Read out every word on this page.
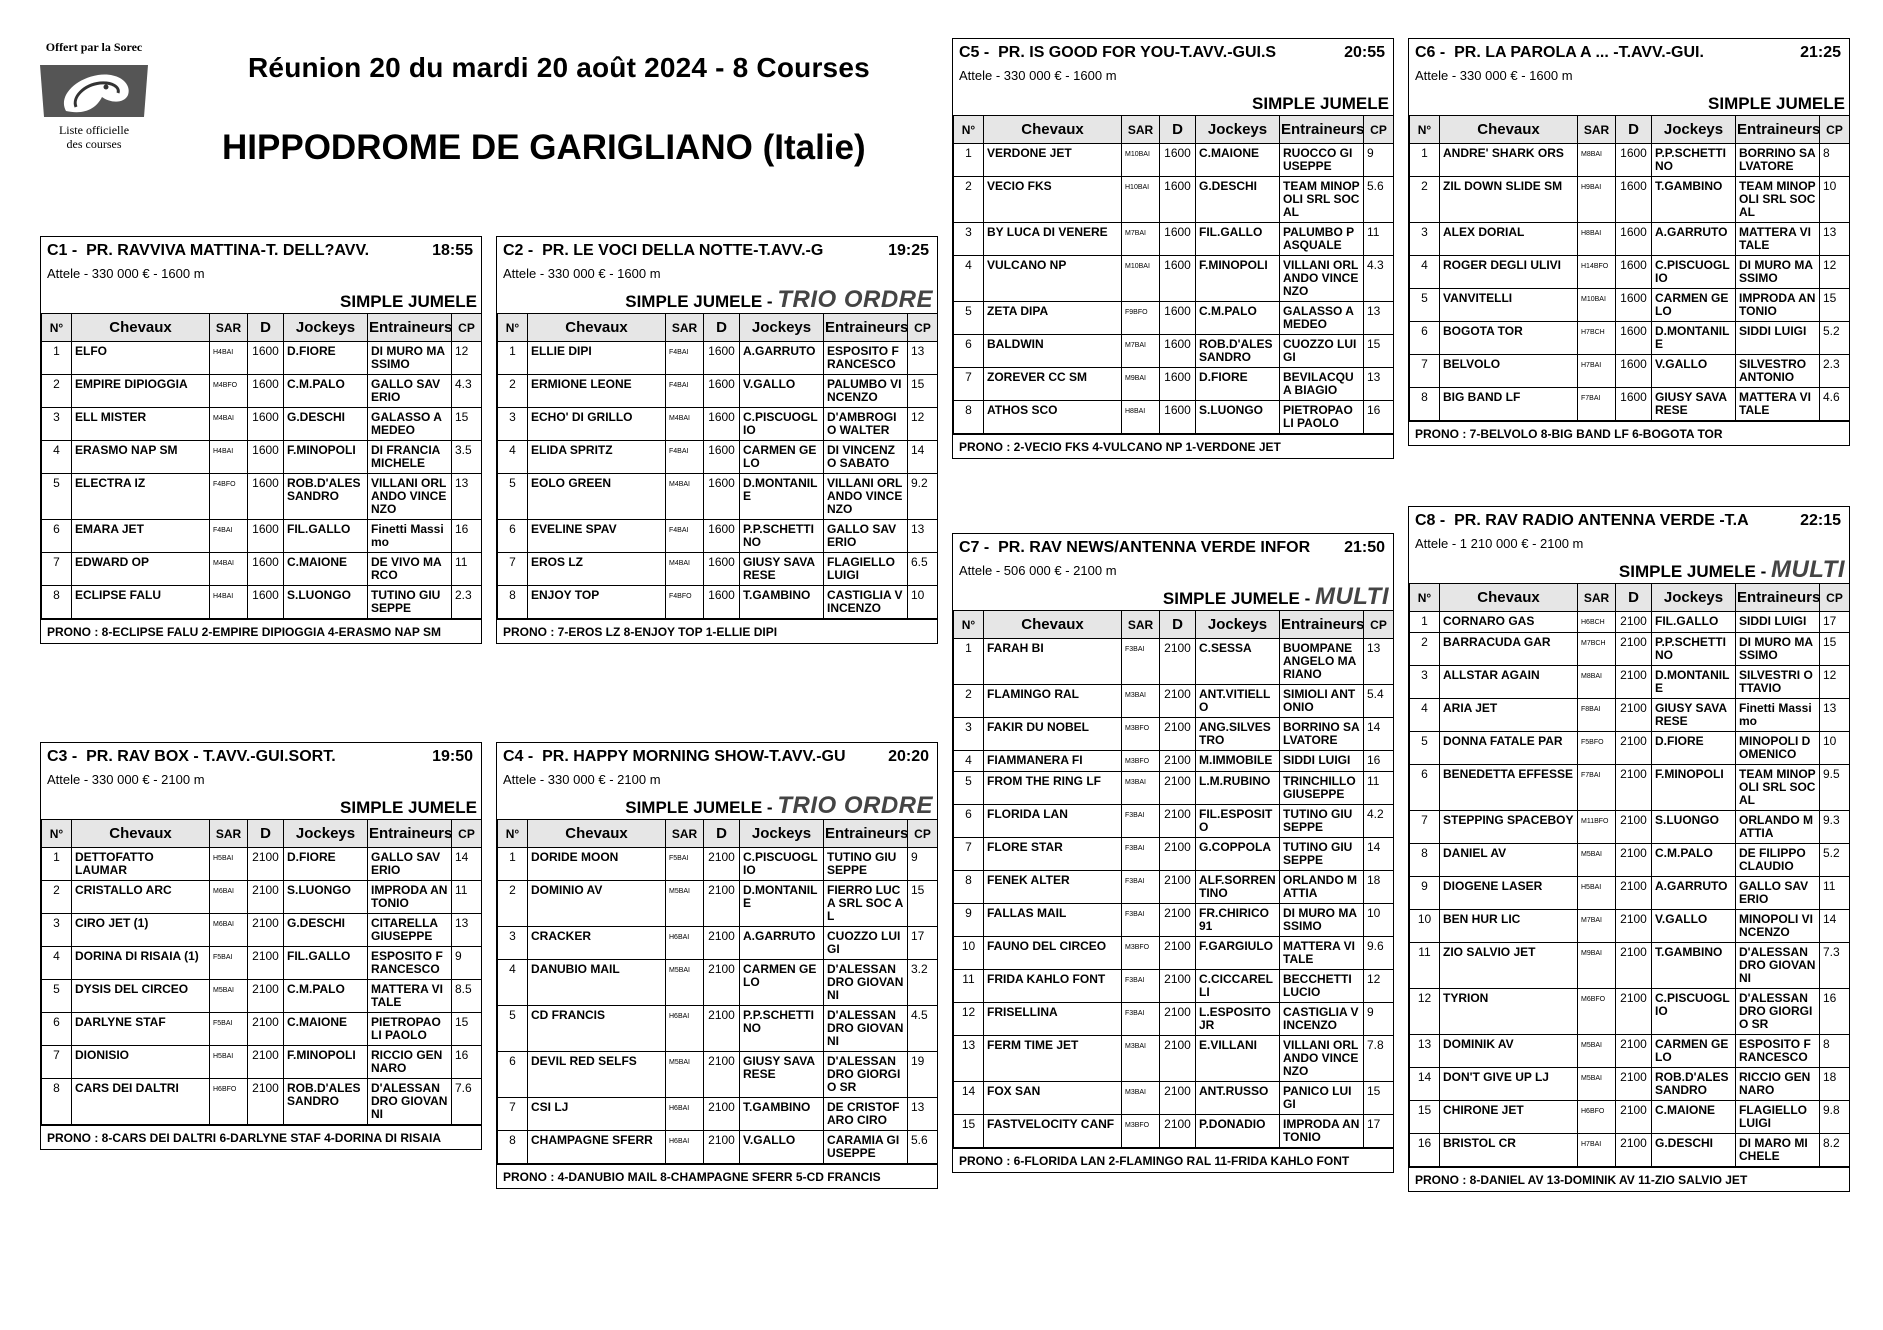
Offert par la Sorec
Liste officielle
des courses
Réunion 20 du mardi 20 août 2024 - 8 Courses
HIPPODROME DE GARIGLIANO (Italie)
C1 - PR. RAVVIVA MATTINA-T. DELL?AVV.	18:55
Attele - 330 000 € - 1600 m
SIMPLE JUMELE
N°	Chevaux	SAR	D	Jockeys	Entraineurs	CP
1	ELFO	H4BAI	1600	D.FIORE	DI MURO MASSIMO	12
2	EMPIRE DIPIOGGIA	M4BFO	1600	C.M.PALO	GALLO SAVERIO	4.3
3	ELL MISTER	M4BAI	1600	G.DESCHI	GALASSO AMEDEO	15
4	ERASMO NAP SM	H4BAI	1600	F.MINOPOLI	DI FRANCIA MICHELE	3.5
5	ELECTRA IZ	F4BFO	1600	ROB.D'ALESSANDRO	VILLANI ORLANDO VINCENZO	13
6	EMARA JET	F4BAI	1600	FIL.GALLO	Finetti Massimo	16
7	EDWARD OP	M4BAI	1600	C.MAIONE	DE VIVO MARCO	11
8	ECLIPSE FALU	H4BAI	1600	S.LUONGO	TUTINO GIUSEPPE	2.3
PRONO : 8-ECLIPSE FALU 2-EMPIRE DIPIOGGIA 4-ERASMO NAP SM
C2 - PR. LE VOCI DELLA NOTTE-T.AVV.-G	19:25
Attele - 330 000 € - 1600 m
SIMPLE JUMELE - TRIO ORDRE
N°	Chevaux	SAR	D	Jockeys	Entraineurs	CP
1	ELLIE DIPI	F4BAI	1600	A.GARRUTO	ESPOSITO FRANCESCO	13
2	ERMIONE LEONE	F4BAI	1600	V.GALLO	PALUMBO VINCENZO	15
3	ECHO' DI GRILLO	M4BAI	1600	C.PISCUOGLIO	D'AMBROGIO WALTER	12
4	ELIDA SPRITZ	F4BAI	1600	CARMEN GELO	DI VINCENZO SABATO	14
5	EOLO GREEN	M4BAI	1600	D.MONTANILE	VILLANI ORLANDO VINCENZO	9.2
6	EVELINE SPAV	F4BAI	1600	P.P.SCHETTINO	GALLO SAVERIO	13
7	EROS LZ	M4BAI	1600	GIUSY SAVARESE	FLAGIELLO LUIGI	6.5
8	ENJOY TOP	F4BFO	1600	T.GAMBINO	CASTIGLIA VINCENZO	10
PRONO : 7-EROS LZ 8-ENJOY TOP 1-ELLIE DIPI
C3 - PR. RAV BOX - T.AVV.-GUI.SORT.	19:50
Attele - 330 000 € - 2100 m
SIMPLE JUMELE
N°	Chevaux	SAR	D	Jockeys	Entraineurs	CP
1	DETTOFATTO LAUMAR	H5BAI	2100	D.FIORE	GALLO SAVERIO	14
2	CRISTALLO ARC	M6BAI	2100	S.LUONGO	IMPRODA ANTONIO	11
3	CIRO JET (1)	M6BAI	2100	G.DESCHI	CITARELLA GIUSEPPE	13
4	DORINA DI RISAIA (1)	F5BAI	2100	FIL.GALLO	ESPOSITO FRANCESCO	9
5	DYSIS DEL CIRCEO	M5BAI	2100	C.M.PALO	MATTERA VITALE	8.5
6	DARLYNE STAF	F5BAI	2100	C.MAIONE	PIETROPAOLI PAOLO	15
7	DIONISIO	H5BAI	2100	F.MINOPOLI	RICCIO GENNARO	16
8	CARS DEI DALTRI	H6BFO	2100	ROB.D'ALESSANDRO	D'ALESSANDRO GIOVANNI	7.6
PRONO : 8-CARS DEI DALTRI 6-DARLYNE STAF 4-DORINA DI RISAIA
C4 - PR. HAPPY MORNING SHOW-T.AVV.-GU	20:20
Attele - 330 000 € - 2100 m
SIMPLE JUMELE - TRIO ORDRE
N°	Chevaux	SAR	D	Jockeys	Entraineurs	CP
1	DORIDE MOON	F5BAI	2100	C.PISCUOGLIO	TUTINO GIUSEPPE	9
2	DOMINIO AV	M5BAI	2100	D.MONTANILE	FIERRO LUCA SRL SOC AL	15
3	CRACKER	H6BAI	2100	A.GARRUTO	CUOZZO LUIGI	17
4	DANUBIO MAIL	M5BAI	2100	CARMEN GELO	D'ALESSANDRO GIOVANNI	3.2
5	CD FRANCIS	H6BAI	2100	P.P.SCHETTINO	D'ALESSANDRO GIOVANNI	4.5
6	DEVIL RED SELFS	M5BAI	2100	GIUSY SAVARESE	D'ALESSANDRO GIORGIO SR	19
7	CSI LJ	H6BAI	2100	T.GAMBINO	DE CRISTOFARO CIRO	13
8	CHAMPAGNE SFERR	H6BAI	2100	V.GALLO	CARAMIA GIUSEPPE	5.6
PRONO : 4-DANUBIO MAIL 8-CHAMPAGNE SFERR 5-CD FRANCIS
C5 - PR. IS GOOD FOR YOU-T.AVV.-GUI.S	20:55
Attele - 330 000 € - 1600 m
SIMPLE JUMELE
N°	Chevaux	SAR	D	Jockeys	Entraineurs	CP
1	VERDONE JET	M10BAI	1600	C.MAIONE	RUOCCO GIUSEPPE	9
2	VECIO FKS	H10BAI	1600	G.DESCHI	TEAM MINOPOLI SRL SOC AL	5.6
3	BY LUCA DI VENERE	M7BAI	1600	FIL.GALLO	PALUMBO PASQUALE	11
4	VULCANO NP	M10BAI	1600	F.MINOPOLI	VILLANI ORLANDO VINCENZO	4.3
5	ZETA DIPA	F9BFO	1600	C.M.PALO	GALASSO AMEDEO	13
6	BALDWIN	M7BAI	1600	ROB.D'ALESSANDRO	CUOZZO LUIGI	15
7	ZOREVER CC SM	M9BAI	1600	D.FIORE	BEVILACQUA BIAGIO	13
8	ATHOS SCO	H8BAI	1600	S.LUONGO	PIETROPAOLI PAOLO	16
PRONO : 2-VECIO FKS 4-VULCANO NP 1-VERDONE JET
C6 - PR. LA PAROLA A ... -T.AVV.-GUI.	21:25
Attele - 330 000 € - 1600 m
SIMPLE JUMELE
N°	Chevaux	SAR	D	Jockeys	Entraineurs	CP
1	ANDRE' SHARK ORS	M8BAI	1600	P.P.SCHETTINO	BORRINO SALVATORE	8
2	ZIL DOWN SLIDE SM	H9BAI	1600	T.GAMBINO	TEAM MINOPOLI SRL SOC AL	10
3	ALEX DORIAL	H8BAI	1600	A.GARRUTO	MATTERA VITALE	13
4	ROGER DEGLI ULIVI	H14BFO	1600	C.PISCUOGLIO	DI MURO MASSIMO	12
5	VANVITELLI	M10BAI	1600	CARMEN GELO	IMPRODA ANTONIO	15
6	BOGOTA TOR	H7BCH	1600	D.MONTANILE	SIDDI LUIGI	5.2
7	BELVOLO	H7BAI	1600	V.GALLO	SILVESTRO ANTONIO	2.3
8	BIG BAND LF	F7BAI	1600	GIUSY SAVARESE	MATTERA VITALE	4.6
PRONO : 7-BELVOLO 8-BIG BAND LF 6-BOGOTA TOR
C7 - PR. RAV NEWS/ANTENNA VERDE INFOR	21:50
Attele - 506 000 € - 2100 m
SIMPLE JUMELE - MULTI
N°	Chevaux	SAR	D	Jockeys	Entraineurs	CP
1	FARAH BI	F3BAI	2100	C.SESSA	BUOMPANE ANGELO MARIANO	13
2	FLAMINGO RAL	M3BAI	2100	ANT.VITIELLO	SIMIOLI ANTONIO	5.4
3	FAKIR DU NOBEL	M3BFO	2100	ANG.SILVESTRO	BORRINO SALVATORE	14
4	FIAMMANERA FI	M3BFO	2100	M.IMMOBILE	SIDDI LUIGI	16
5	FROM THE RING LF	M3BAI	2100	L.M.RUBINO	TRINCHILLO GIUSEPPE	11
6	FLORIDA LAN	F3BAI	2100	FIL.ESPOSITO	TUTINO GIUSEPPE	4.2
7	FLORE STAR	F3BAI	2100	G.COPPOLA	TUTINO GIUSEPPE	14
8	FENEK ALTER	F3BAI	2100	ALF.SORRENTINO	ORLANDO MATTIA	18
9	FALLAS MAIL	F3BAI	2100	FR.CHIRICO 91	DI MURO MASSIMO	10
10	FAUNO DEL CIRCEO	M3BFO	2100	F.GARGIULO	MATTERA VITALE	9.6
11	FRIDA KAHLO FONT	F3BAI	2100	C.CICCARELLI	BECCHETTI LUCIO	12
12	FRISELLINA	F3BAI	2100	L.ESPOSITO JR	CASTIGLIA VINCENZO	9
13	FERM TIME JET	M3BAI	2100	E.VILLANI	VILLANI ORLANDO VINCENZO	7.8
14	FOX SAN	M3BAI	2100	ANT.RUSSO	PANICO LUIGI	15
15	FASTVELOCITY CANF	M3BFO	2100	P.DONADIO	IMPRODA ANTONIO	17
PRONO : 6-FLORIDA LAN 2-FLAMINGO RAL 11-FRIDA KAHLO FONT
C8 - PR. RAV RADIO ANTENNA VERDE -T.A	22:15
Attele - 1 210 000 € - 2100 m
SIMPLE JUMELE - MULTI
N°	Chevaux	SAR	D	Jockeys	Entraineurs	CP
1	CORNARO GAS	H6BCH	2100	FIL.GALLO	SIDDI LUIGI	17
2	BARRACUDA GAR	M7BCH	2100	P.P.SCHETTINO	DI MURO MASSIMO	15
3	ALLSTAR AGAIN	M8BAI	2100	D.MONTANILE	SILVESTRI OTTAVIO	12
4	ARIA JET	F8BAI	2100	GIUSY SAVARESE	Finetti Massimo	13
5	DONNA FATALE PAR	F5BFO	2100	D.FIORE	MINOPOLI DOMENICO	10
6	BENEDETTA EFFESSE	F7BAI	2100	F.MINOPOLI	TEAM MINOPOLI SRL SOC AL	9.5
7	STEPPING SPACEBOY	M11BFO	2100	S.LUONGO	ORLANDO MATTIA	9.3
8	DANIEL AV	M5BAI	2100	C.M.PALO	DE FILIPPO CLAUDIO	5.2
9	DIOGENE LASER	H5BAI	2100	A.GARRUTO	GALLO SAVERIO	11
10	BEN HUR LIC	M7BAI	2100	V.GALLO	MINOPOLI VINCENZO	14
11	ZIO SALVIO JET	M9BAI	2100	T.GAMBINO	D'ALESSANDRO GIOVANNI	7.3
12	TYRION	M6BFO	2100	C.PISCUOGLIO	D'ALESSANDRO GIORGIO SR	16
13	DOMINIK AV	M5BAI	2100	CARMEN GELO	ESPOSITO FRANCESCO	8
14	DON'T GIVE UP LJ	M5BAI	2100	ROB.D'ALESSANDRO	RICCIO GENNARO	18
15	CHIRONE JET	H6BFO	2100	C.MAIONE	FLAGIELLO LUIGI	9.8
16	BRISTOL CR	H7BAI	2100	G.DESCHI	DI MARO MICHELE	8.2
PRONO : 8-DANIEL AV 13-DOMINIK AV 11-ZIO SALVIO JET
